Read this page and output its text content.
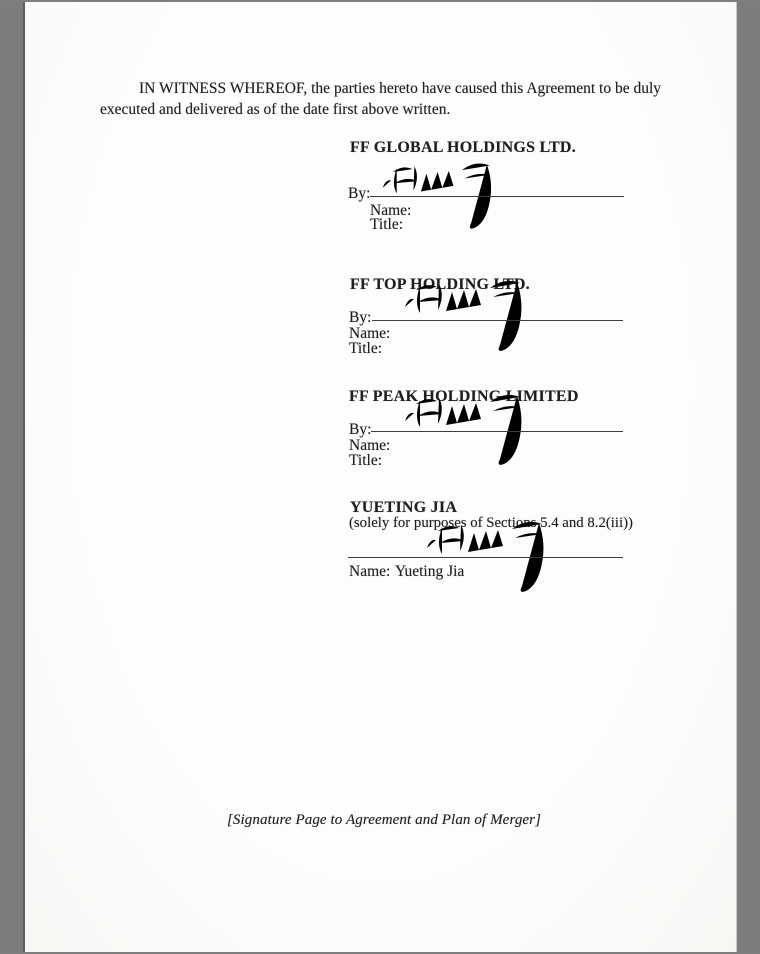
IN WITNESS WHEREOF, the parties hereto have caused this Agreement to be duly
executed and delivered as of the date first above written.
FF GLOBAL HOLDINGS LTD.
By:
Name:
Title:
FF TOP HOLDING LTD.
By:
Name:
Title:
FF PEAK HOLDING LIMITED
By:
Name:
Title:
YUETING JIA
(solely for purposes of Sections 5.4 and 8.2(iii))
Name: Yueting Jia
[Signature Page to Agreement and Plan of Merger]
